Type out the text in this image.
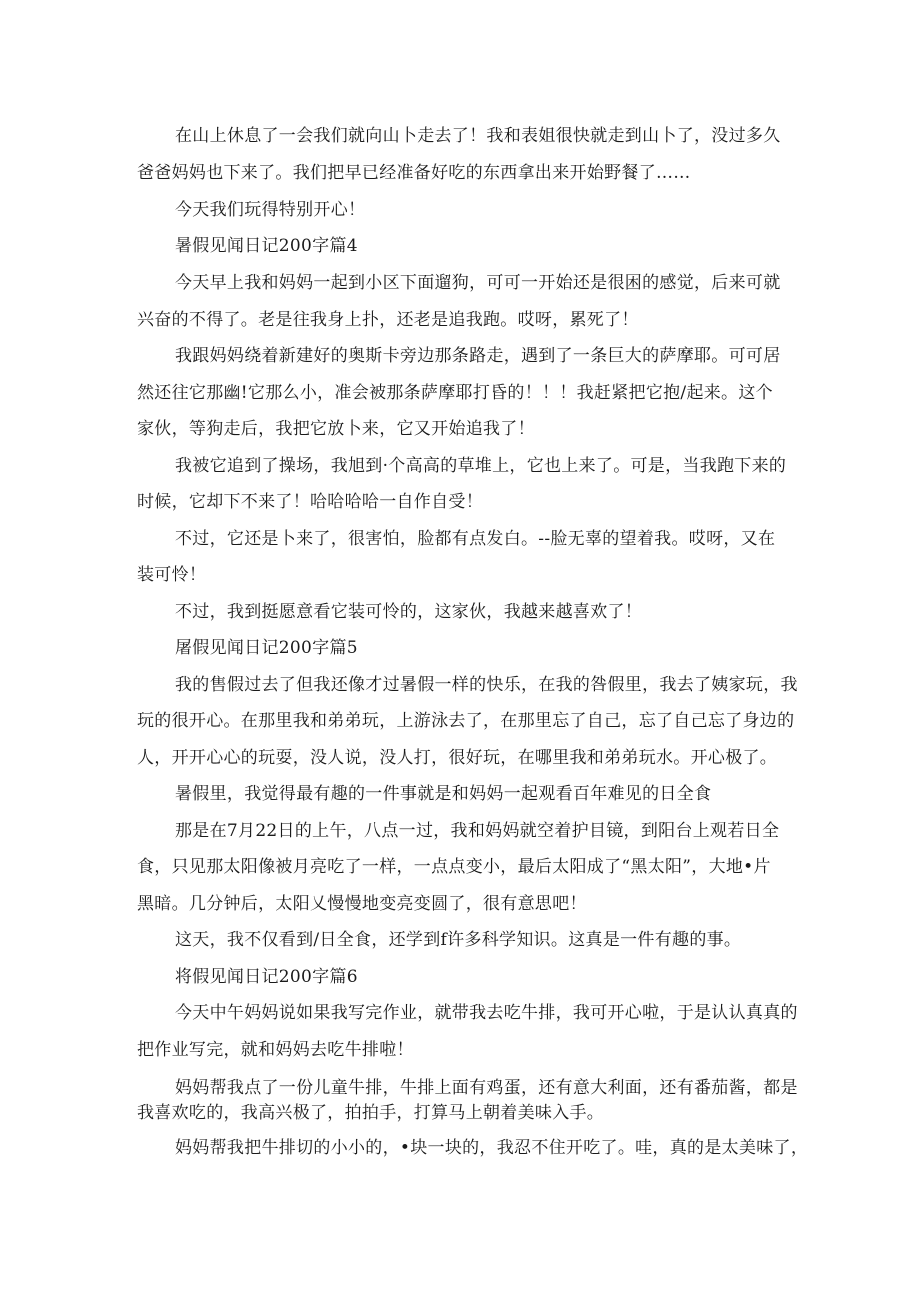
在山上休息了一会我们就向山卜走去了！我和表姐很快就走到山卜了，没过多久
爸爸妈妈也下来了。我们把早已经准备好吃的东西拿出来开始野餐了……
今天我们玩得特别开心！
暑假见闻日记200字篇4
今天早上我和妈妈一起到小区下面遛狗，可可一开始还是很困的感觉，后来可就
兴奋的不得了。老是往我身上扑，还老是追我跑。哎呀，累死了！
我跟妈妈绕着新建好的奥斯卡旁边那条路走，遇到了一条巨大的萨摩耶。可可居
然还往它那幽!它那么小，准会被那条萨摩耶打昏的！！！我赶紧把它抱/起来。这个
家伙，等狗走后，我把它放卜来，它又开始追我了！
我被它追到了操场，我旭到·个高高的草堆上，它也上来了。可是，当我跑下来的
时候，它却下不来了！哈哈哈哈一自作自受！
不过，它还是卜来了，很害怕，脸都有点发白。--脸无辜的望着我。哎呀，又在
装可怜！
不过，我到挺愿意看它装可怜的，这家伙，我越来越喜欢了！
屠假见闻日记200字篇5
我的售假过去了但我还像才过暑假一样的快乐，在我的咎假里，我去了姨家玩，我
玩的很开心。在那里我和弟弟玩，上游泳去了，在那里忘了自己，忘了自己忘了身边的
人，开开心心的玩耍，没人说，没人打，很好玩，在哪里我和弟弟玩水。开心极了。
暑假里，我觉得最有趣的一件事就是和妈妈一起观看百年难见的日全食
那是在7月22日的上午，八点一过，我和妈妈就空着护目镜，到阳台上观若日全
食，只见那太阳像被月亮吃了一样，一点点变小，最后太阳成了“黑太阳”，大地•片
黑暗。几分钟后，太阳乂慢慢地变亮变圆了，很有意思吧！
这天，我不仅看到/日全食，还学到f许多科学知识。这真是一件有趣的事。
将假见闻日记200字篇6
今天中午妈妈说如果我写完作业，就带我去吃牛排，我可开心啦，于是认认真真的
把作业写完，就和妈妈去吃牛排啦！
妈妈帮我点了一份儿童牛排，牛排上面有鸡蛋，还有意大利面，还有番茄酱，都是
我喜欢吃的，我高兴极了，拍拍手，打算马上朝着美味入手。
妈妈帮我把牛排切的小小的，•块一块的，我忍不住开吃了。哇，真的是太美味了，
